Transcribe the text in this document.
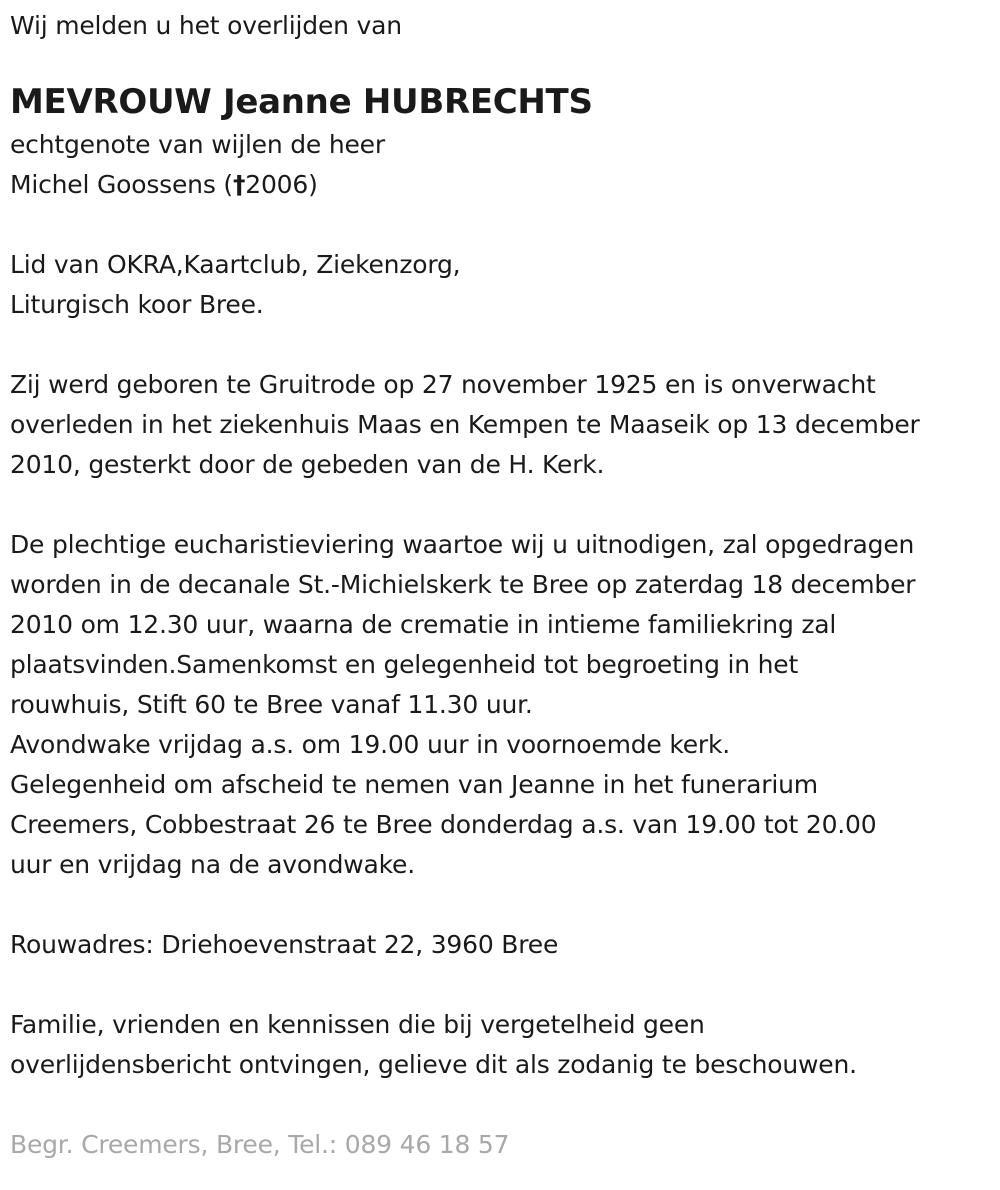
Wij melden u het overlijden van
MEVROUW Jeanne HUBRECHTS
echtgenote van wijlen de heer
Michel Goossens (†2006)
Lid van OKRA,Kaartclub, Ziekenzorg,
Liturgisch koor Bree.
Zij werd geboren te Gruitrode op 27 november 1925 en is onverwacht
overleden in het ziekenhuis Maas en Kempen te Maaseik op 13 december
2010, gesterkt door de gebeden van de H. Kerk.
De plechtige eucharistieviering waartoe wij u uitnodigen, zal opgedragen
worden in de decanale St.-Michielskerk te Bree op zaterdag 18 december
2010 om 12.30 uur, waarna de crematie in intieme familiekring zal
plaatsvinden.Samenkomst en gelegenheid tot begroeting in het
rouwhuis, Stift 60 te Bree vanaf 11.30 uur.
Avondwake vrijdag a.s. om 19.00 uur in voornoemde kerk.
Gelegenheid om afscheid te nemen van Jeanne in het funerarium
Creemers, Cobbestraat 26 te Bree donderdag a.s. van 19.00 tot 20.00
uur en vrijdag na de avondwake.
Rouwadres: Driehoevenstraat 22, 3960 Bree
Familie, vrienden en kennissen die bij vergetelheid geen
overlijdensbericht ontvingen, gelieve dit als zodanig te beschouwen.
Begr. Creemers, Bree, Tel.: 089 46 18 57
